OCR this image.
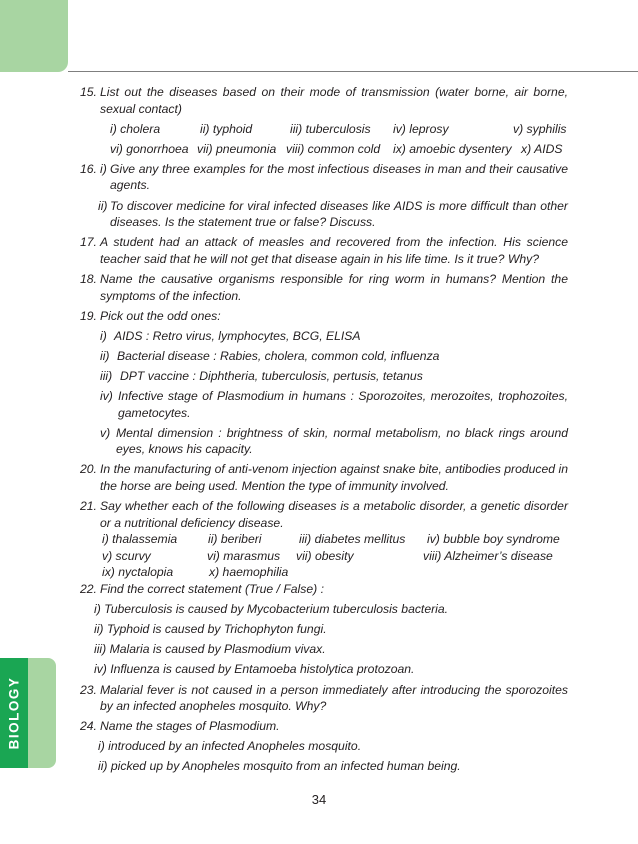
BIOLOGY
15. List out the diseases based on their mode of transmission (water borne, air borne, sexual contact)
i) cholera	ii) typhoid	iii) tuberculosis iv) leprosy	v) syphilis
vi) gonorrhoea vii) pneumonia viii) common cold ix) amoebic dysentery x) AIDS
16. i) Give any three examples for the most infectious diseases in man and their causative agents.
ii) To discover medicine for viral infected diseases like AIDS is more difficult than other diseases. Is the statement true or false? Discuss.
17. A student had an attack of measles and recovered from the infection. His science teacher said that he will not get that disease again in his life time. Is it true? Why?
18. Name the causative organisms responsible for ring worm in humans? Mention the symptoms of the infection.
19. Pick out the odd ones:
i) AIDS : Retro virus, lymphocytes, BCG, ELISA
ii) Bacterial disease : Rabies, cholera, common cold, influenza
iii) DPT vaccine : Diphtheria, tuberculosis, pertusis, tetanus
iv) Infective stage of Plasmodium in humans : Sporozoites, merozoites, trophozoites, gametocytes.
v) Mental dimension : brightness of skin, normal metabolism, no black rings around eyes, knows his capacity.
20. In the manufacturing of anti-venom injection against snake bite, antibodies produced in the horse are being used. Mention the type of immunity involved.
21. Say whether each of the following diseases is a metabolic disorder, a genetic disorder or a nutritional deficiency disease.
i) thalassemia	ii) beriberi	iii) diabetes mellitus iv) bubble boy syndrome
v) scurvy	vi) marasmus vii) obesity	viii) Alzheimer’s disease
ix) nyctalopia	x) haemophilia
22. Find the correct statement (True / False) :
i) Tuberculosis is caused by Mycobacterium tuberculosis bacteria.
ii) Typhoid is caused by Trichophyton fungi.
iii) Malaria is caused by Plasmodium vivax.
iv) Influenza is caused by Entamoeba histolytica protozoan.
23. Malarial fever is not caused in a person immediately after introducing the sporozoites by an infected anopheles mosquito. Why?
24. Name the stages of Plasmodium.
i) introduced by an infected Anopheles mosquito.
ii) picked up by Anopheles mosquito from an infected human being.
34
